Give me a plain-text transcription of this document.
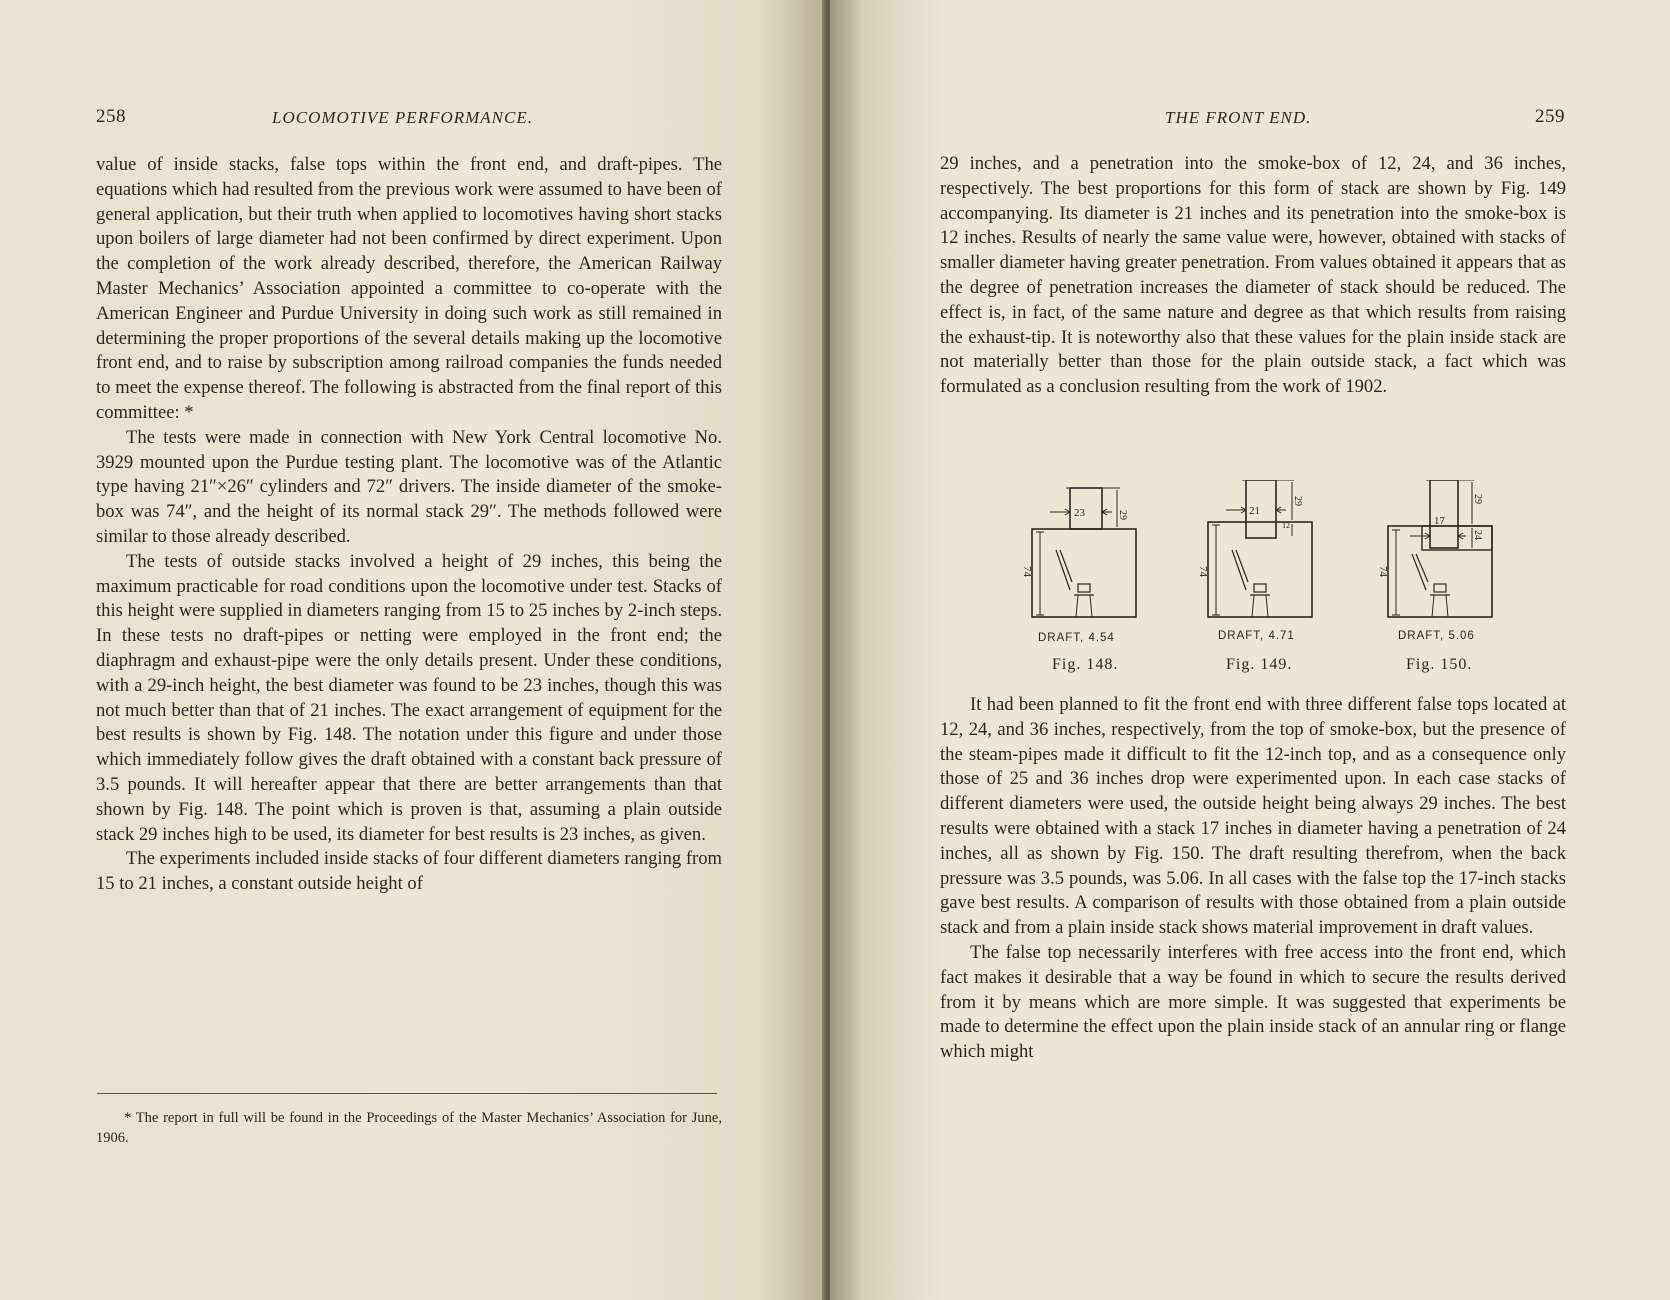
258	LOCOMOTIVE PERFORMANCE.

value of inside stacks, false tops within the front end, and draft-pipes. The equations which had resulted from the previous work were assumed to have been of general application, but their truth when applied to locomotives having short stacks upon boilers of large diameter had not been confirmed by direct experiment. Upon the completion of the work already described, therefore, the American Railway Master Mechanics’ Association appointed a committee to co-operate with the American Engineer and Purdue University in doing such work as still remained in determining the proper proportions of the several details making up the locomotive front end, and to raise by subscription among railroad companies the funds needed to meet the expense thereof. The following is abstracted from the final report of this committee: *

The tests were made in connection with New York Central locomotive No. 3929 mounted upon the Purdue testing plant. The locomotive was of the Atlantic type having 21″×26″ cylinders and 72″ drivers. The inside diameter of the smoke-box was 74″, and the height of its normal stack 29″. The methods followed were similar to those already described.

The tests of outside stacks involved a height of 29 inches, this being the maximum practicable for road conditions upon the locomotive under test. Stacks of this height were supplied in diameters ranging from 15 to 25 inches by 2-inch steps. In these tests no draft-pipes or netting were employed in the front end; the diaphragm and exhaust-pipe were the only details present. Under these conditions, with a 29-inch height, the best diameter was found to be 23 inches, though this was not much better than that of 21 inches. The exact arrangement of equipment for the best results is shown by Fig. 148. The notation under this figure and under those which immediately follow gives the draft obtained with a constant back pressure of 3.5 pounds. It will hereafter appear that there are better arrangements than that shown by Fig. 148. The point which is proven is that, assuming a plain outside stack 29 inches high to be used, its diameter for best results is 23 inches, as given.

The experiments included inside stacks of four different diameters ranging from 15 to 21 inches, a constant outside height of

* The report in full will be found in the Proceedings of the Master Mechanics’ Association for June, 1906.

THE FRONT END.	259

29 inches, and a penetration into the smoke-box of 12, 24, and 36 inches, respectively. The best proportions for this form of stack are shown by Fig. 149 accompanying. Its diameter is 21 inches and its penetration into the smoke-box is 12 inches. Results of nearly the same value were, however, obtained with stacks of smaller diameter having greater penetration. From values obtained it appears that as the degree of penetration increases the diameter of stack should be reduced. The effect is, in fact, of the same nature and degree as that which results from raising the exhaust-tip. It is noteworthy also that these values for the plain inside stack are not materially better than those for the plain outside stack, a fact which was formulated as a conclusion resulting from the work of 1902.

23	29
74
DRAFT, 4.54
Fig. 148.
21
29
12
74
DRAFT, 4.71
Fig. 149.
17
29
24
74
DRAFT, 5.06
Fig. 150.

It had been planned to fit the front end with three different false tops located at 12, 24, and 36 inches, respectively, from the top of smoke-box, but the presence of the steam-pipes made it difficult to fit the 12-inch top, and as a consequence only those of 25 and 36 inches drop were experimented upon. In each case stacks of different diameters were used, the outside height being always 29 inches. The best results were obtained with a stack 17 inches in diameter having a penetration of 24 inches, all as shown by Fig. 150. The draft resulting therefrom, when the back pressure was 3.5 pounds, was 5.06. In all cases with the false top the 17-inch stacks gave best results. A comparison of results with those obtained from a plain outside stack and from a plain inside stack shows material improvement in draft values.

The false top necessarily interferes with free access into the front end, which fact makes it desirable that a way be found in which to secure the results derived from it by means which are more simple. It was suggested that experiments be made to determine the effect upon the plain inside stack of an annular ring or flange which might
